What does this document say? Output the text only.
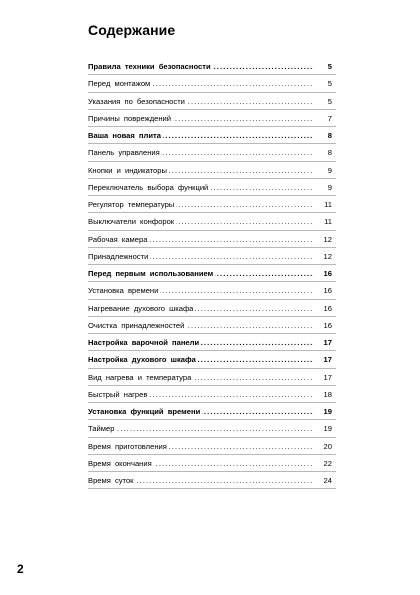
Содержание
. . .
Правила техники безопасности	5
. . .
Перед монтажом	5
. . .
Указания по безопасности	5
. . .
Причины повреждений	7
. . .
Ваша новая плита	8
. . .
Панель управления	8
. . .
Кнопки и индикаторы	9
. . .
Переключатель выбора функций	9
. . .
Регулятор температуры	11
. . .
Выключатели конфорок	11
. . .
Рабочая камера	12
. . .
Принадлежности	12
. . .
Перед первым использованием	16
. . .
Установка времени	16
. . .
Нагревание духового шкафа	16
. . .
Очистка принадлежностей	16
. . .
Настройка варочной панели	17
. . .
Настройка духового шкафа	17
. . .
Вид нагрева и температура	17
. . .
Быстрый нагрев	18
. . .
Установка функций времени	19
. . .
Таймер	19
. . .
Время приготовления	20
. . .
Время окончания	22
. . .
Время суток	24
2
